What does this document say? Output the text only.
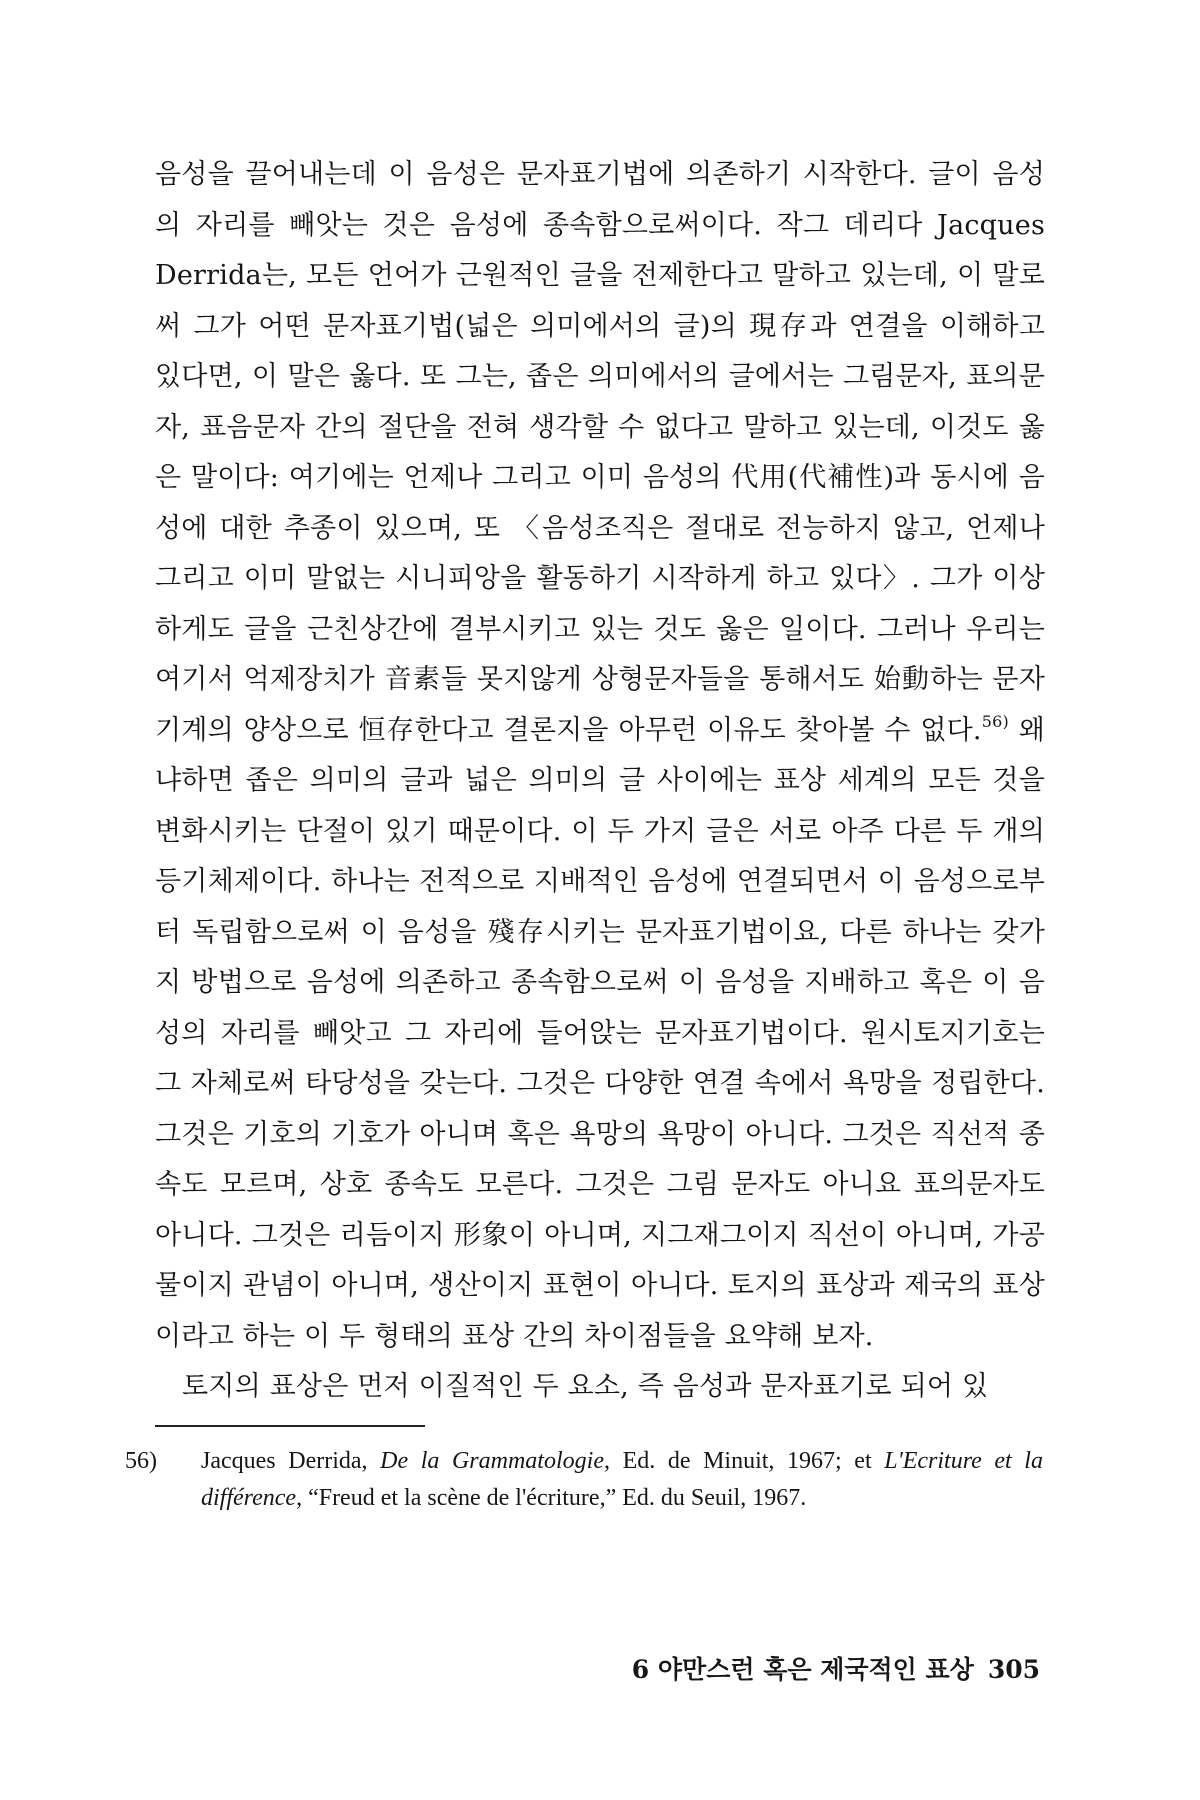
음성을 끌어내는데 이 음성은 문자표기법에 의존하기 시작한다. 글이 음성의 자리를 빼앗는 것은 음성에 종속함으로써이다. 작그 데리다 Jacques Derrida는, 모든 언어가 근원적인 글을 전제한다고 말하고 있는데, 이 말로써 그가 어떤 문자표기법(넓은 의미에서의 글)의 現存과 연결을 이해하고 있다면, 이 말은 옳다. 또 그는, 좁은 의미에서의 글에서는 그림문자, 표의문자, 표음문자 간의 절단을 전혀 생각할 수 없다고 말하고 있는데, 이것도 옳은 말이다: 여기에는 언제나 그리고 이미 음성의 代用(代補性)과 동시에 음성에 대한 추종이 있으며, 또 〈음성조직은 절대로 전능하지 않고, 언제나 그리고 이미 말없는 시니피앙을 활동하기 시작하게 하고 있다〉. 그가 이상하게도 글을 근친상간에 결부시키고 있는 것도 옳은 일이다. 그러나 우리는 여기서 억제장치가 音素들 못지않게 상형문자들을 통해서도 始動하는 문자기계의 양상으로 恒存한다고 결론지을 아무런 이유도 찾아볼 수 없다.$^{56)}$ 왜냐하면 좁은 의미의 글과 넓은 의미의 글 사이에는 표상 세계의 모든 것을 변화시키는 단절이 있기 때문이다. 이 두 가지 글은 서로 아주 다른 두 개의 등기체제이다. 하나는 전적으로 지배적인 음성에 연결되면서 이 음성으로부터 독립함으로써 이 음성을 殘存시키는 문자표기법이요, 다른 하나는 갖가지 방법으로 음성에 의존하고 종속함으로써 이 음성을 지배하고 혹은 이 음성의 자리를 빼앗고 그 자리에 들어앉는 문자표기법이다. 원시토지기호는 그 자체로써 타당성을 갖는다. 그것은 다양한 연결 속에서 욕망을 정립한다. 그것은 기호의 기호가 아니며 혹은 욕망의 욕망이 아니다. 그것은 직선적 종속도 모르며, 상호 종속도 모른다. 그것은 그림 문자도 아니요 표의문자도 아니다. 그것은 리듬이지 形象이 아니며, 지그재그이지 직선이 아니며, 가공물이지 관념이 아니며, 생산이지 표현이 아니다. 토지의 표상과 제국의 표상이라고 하는 이 두 형태의 표상 간의 차이점들을 요약해 보자.

토지의 표상은 먼저 이질적인 두 요소, 즉 음성과 문자표기로 되어 있

56) Jacques Derrida, De la Grammatologie, Ed. de Minuit, 1967; et L'Ecriture et la différence, “Freud et la scène de l'écriture,” Ed. du Seuil, 1967.
6 야만스런 혹은 제국적인 표상 305
